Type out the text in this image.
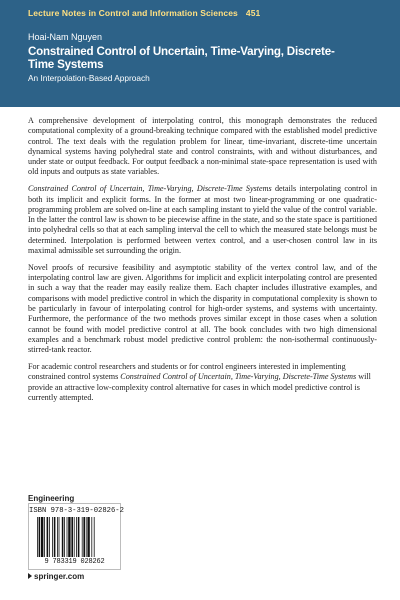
Lecture Notes in Control and Information Sciences 451
Hoai-Nam Nguyen
Constrained Control of Uncertain, Time-Varying, Discrete-Time Systems
An Interpolation-Based Approach

A comprehensive development of interpolating control, this monograph demonstrates the reduced computational complexity of a ground-breaking technique compared with the established model predictive control. The text deals with the regulation problem for linear, time-invariant, discrete-time uncertain dynamical systems having polyhedral state and control constraints, with and without disturbances, and under state or output feedback. For output feedback a non-minimal state-space representation is used with old inputs and outputs as state variables.

Constrained Control of Uncertain, Time-Varying, Discrete-Time Systems details interpolating control in both its implicit and explicit forms. In the former at most two linear-programming or one quadratic-programming problem are solved on-line at each sampling instant to yield the value of the control variable. In the latter the control law is shown to be piecewise affine in the state, and so the state space is partitioned into polyhedral cells so that at each sampling interval the cell to which the measured state belongs must be determined. Interpolation is performed between vertex control, and a user-chosen control law in its maximal admissible set surrounding the origin.

Novel proofs of recursive feasibility and asymptotic stability of the vertex control law, and of the interpolating control law are given. Algorithms for implicit and explicit interpolating control are presented in such a way that the reader may easily realize them. Each chapter includes illustrative examples, and comparisons with model predictive control in which the disparity in computational complexity is shown to be particularly in favour of interpolating control for high-order systems, and systems with uncertainty. Furthermore, the performance of the two methods proves similar except in those cases when a solution cannot be found with model predictive control at all. The book concludes with two high dimensional examples and a benchmark robust model predictive control problem: the non-isothermal continuously-stirred-tank reactor.

For academic control researchers and students or for control engineers interested in implementing constrained control systems Constrained Control of Uncertain, Time-Varying, Discrete-Time Systems will provide an attractive low-complexity control alternative for cases in which model predictive control is currently attempted.

Engineering
ISBN 978-3-319-02826-2
9 783319 028262
springer.com
